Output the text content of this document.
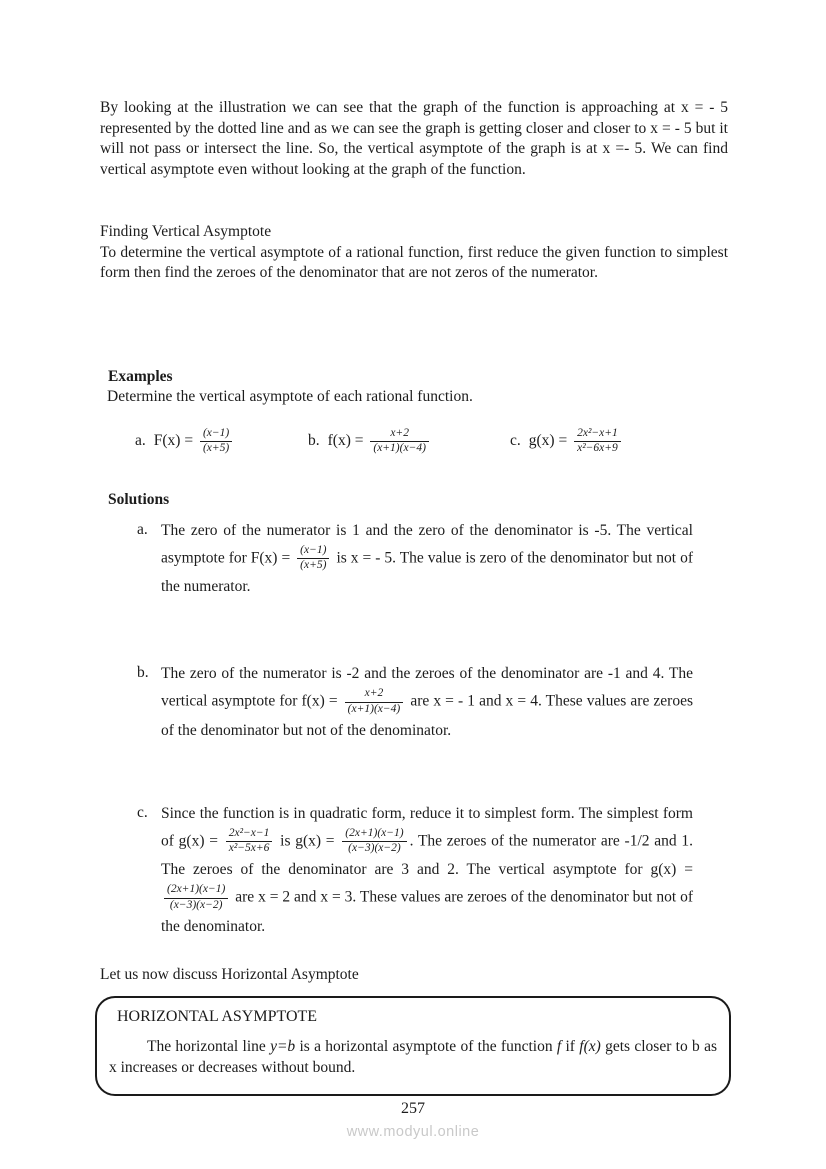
By looking at the illustration we can see that the graph of the function is approaching at x = - 5 represented by the dotted line and as we can see the graph is getting closer and closer to x = - 5 but it will not pass or intersect the line. So, the vertical asymptote of the graph is at x =- 5. We can find vertical asymptote even without looking at the graph of the function.

Finding Vertical Asymptote

To determine the vertical asymptote of a rational function, first reduce the given function to simplest form then find the zeroes of the denominator that are not zeros of the numerator.

Examples

Determine the vertical asymptote of each rational function.

a. $F(x) = \frac{(x-1)}{(x+5)}$	b. $f(x) = \frac{x+2}{(x+1)(x-4)}$	c. $g(x) = \frac{\text{2x²−x+1}}{\text{x²−6x+9}}$

Solutions

a. The zero of the numerator is 1 and the zero of the denominator is -5. The vertical asymptote for $F(x) = \frac{(x-1)}{(x+5)}$ is x = - 5. The value is zero of the denominator but not of the numerator.
b. The zero of the numerator is -2 and the zeroes of the denominator are -1 and 4. The vertical asymptote for $f(x) = \frac{x+2}{(x+1)(x-4)}$ are x = - 1 and x = 4. These values are zeroes of the denominator but not of the denominator.
c. Since the function is in quadratic form, reduce it to simplest form. The simplest form of $g(x) = \frac{\text{2x²−x−1}}{\text{x²−5x+6}}$ is $g(x) = \frac{(2x+1)(x-1)}{(x-3)(x-2)}$ . The zeroes of the numerator are -1/2 and 1. The zeroes of the denominator are 3 and 2. The vertical asymptote for g(x) =
$\frac{(2x+1)(x-1)}{(x-3)(x-2)}$ are x = 2 and x = 3. These values are zeroes of the denominator but not of the denominator.

Let us now discuss Horizontal Asymptote

HORIZONTAL ASYMPTOTE

The horizontal line y=b is a horizontal asymptote of the function f if f(x) gets closer to b as x increases or decreases without bound.

257
www.modyul.online
